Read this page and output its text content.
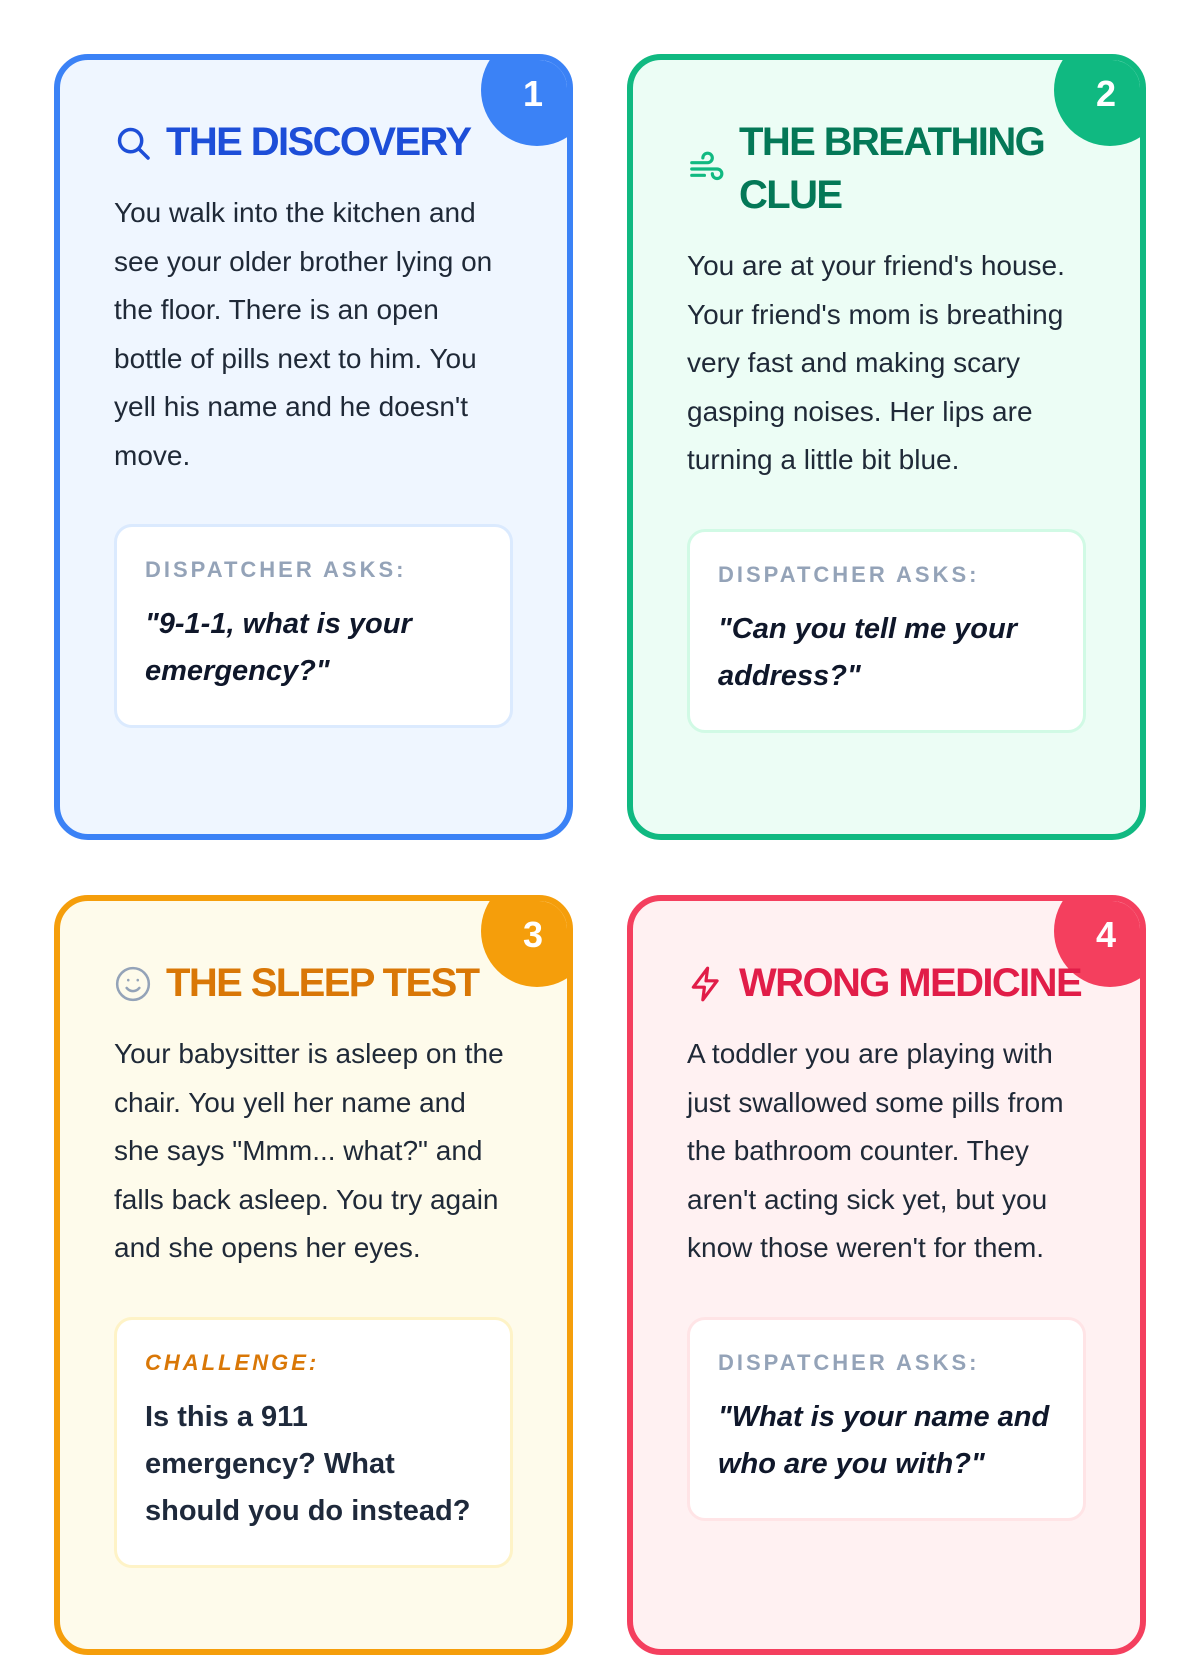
1
THE DISCOVERY
You walk into the kitchen and see your older brother lying on the floor. There is an open bottle of pills next to him. You yell his name and he doesn't move.
DISPATCHER ASKS:
"9-1-1, what is your emergency?"
2
THE BREATHING CLUE
You are at your friend's house. Your friend's mom is breathing very fast and making scary gasping noises. Her lips are turning a little bit blue.
DISPATCHER ASKS:
"Can you tell me your address?"
3
THE SLEEP TEST
Your babysitter is asleep on the chair. You yell her name and she says "Mmm... what?" and falls back asleep. You try again and she opens her eyes.
CHALLENGE:
Is this a 911 emergency? What should you do instead?
4
WRONG MEDICINE
A toddler you are playing with just swallowed some pills from the bathroom counter. They aren't acting sick yet, but you know those weren't for them.
DISPATCHER ASKS:
"What is your name and who are you with?"
